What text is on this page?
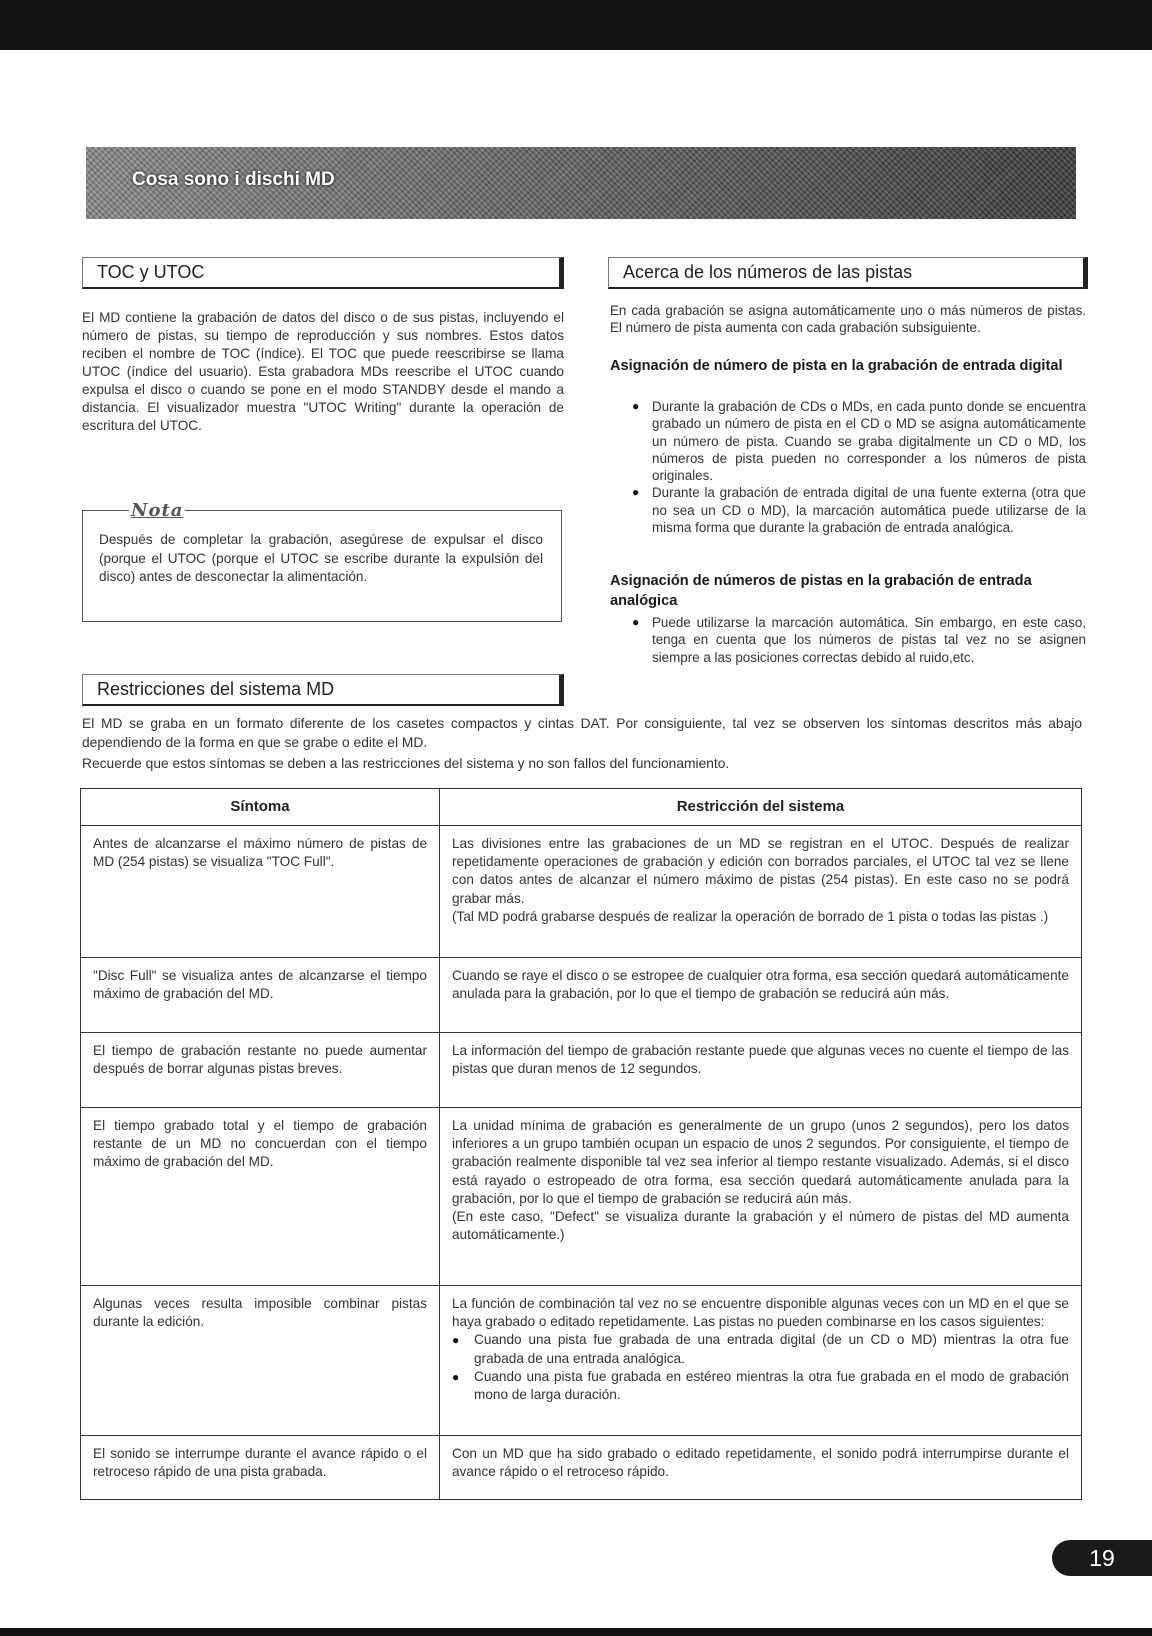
Cosa sono i dischi MD
TOC y UTOC

El MD contiene la grabación de datos del disco o de sus pistas, incluyendo el número de pistas, su tiempo de reproducción y sus nombres. Estos datos reciben el nombre de TOC (índice). El TOC que puede reescribirse se llama UTOC (índice del usuario). Esta grabadora MDs reescribe el UTOC cuando expulsa el disco o cuando se pone en el modo STANDBY desde el mando a distancia. El visualizador muestra "UTOC Writing" durante la operación de escritura del UTOC.

Nota

Después de completar la grabación, asegúrese de expulsar el disco (porque el UTOC (porque el UTOC se escribe durante la expulsión del disco) antes de desconectar la alimentación.

Restricciones del sistema MD
Acerca de los números de las pistas

En cada grabación se asigna automáticamente uno o más números de pistas. El número de pista aumenta con cada grabación subsiguiente.

Asignación de número de pista en la grabación de entrada digital

● Durante la grabación de CDs o MDs, en cada punto donde se encuentra grabado un número de pista en el CD o MD se asigna automáticamente un número de pista. Cuando se graba digitalmente un CD o MD, los números de pista pueden no corresponder a los números de pista originales.
● Durante la grabación de entrada digital de una fuente externa (otra que no sea un CD o MD), la marcación automática puede utilizarse de la misma forma que durante la grabación de entrada analógica.

Asignación de números de pistas en la grabación de entrada analógica

● Puede utilizarse la marcación automática. Sin embargo, en este caso, tenga en cuenta que los números de pistas tal vez no se asignen siempre a las posiciones correctas debido al ruido,etc.

El MD se graba en un formato diferente de los casetes compactos y cintas DAT. Por consiguiente, tal vez se observen los síntomas descritos más abajo dependiendo de la forma en que se grabe o edite el MD.

Recuerde que estos síntomas se deben a las restricciones del sistema y no son fallos del funcionamiento.

Síntoma	Restricción del sistema
Antes de alcanzarse el máximo número de pistas de MD (254 pistas) se visualiza "TOC Full".	Las divisiones entre las grabaciones de un MD se registran en el UTOC. Después de realizar repetidamente operaciones de grabación y edición con borrados parciales, el UTOC tal vez se llene con datos antes de alcanzar el número máximo de pistas (254 pistas). En este caso no se podrá grabar más.
(Tal MD podrá grabarse después de realizar la operación de borrado de 1 pista o todas las pistas .)
"Disc Full" se visualiza antes de alcanzarse el tiempo máximo de grabación del MD.	Cuando se raye el disco o se estropee de cualquier otra forma, esa sección quedará automáticamente anulada para la grabación, por lo que el tiempo de grabación se reducirá aún más.
El tiempo de grabación restante no puede aumentar después de borrar algunas pistas breves.	La información del tiempo de grabación restante puede que algunas veces no cuente el tiempo de las pistas que duran menos de 12 segundos.
El tiempo grabado total y el tiempo de grabación restante de un MD no concuerdan con el tiempo máximo de grabación del MD.	La unidad mínima de grabación es generalmente de un grupo (unos 2 segundos), pero los datos inferiores a un grupo también ocupan un espacio de unos 2 segundos. Por consiguiente, el tiempo de grabación realmente disponible tal vez sea inferior al tiempo restante visualizado. Además, si el disco está rayado o estropeado de otra forma, esa sección quedará automáticamente anulada para la grabación, por lo que el tiempo de grabación se reducirá aún más.
(En este caso, "Defect" se visualiza durante la grabación y el número de pistas del MD aumenta automáticamente.)
Algunas veces resulta imposible combinar pistas durante la edición.	La función de combinación tal vez no se encuentre disponible algunas veces con un MD en el que se haya grabado o editado repetidamente. Las pistas no pueden combinarse en los casos siguientes:
● Cuando una pista fue grabada de una entrada digital (de un CD o MD) mientras la otra fue grabada de una entrada analógica.
● Cuando una pista fue grabada en estéreo mientras la otra fue grabada en el modo de grabación mono de larga duración.

El sonido se interrumpe durante el avance rápido o el retroceso rápido de una pista grabada.	Con un MD que ha sido grabado o editado repetidamente, el sonido podrá interrumpirse durante el avance rápido o el retroceso rápido.
19
